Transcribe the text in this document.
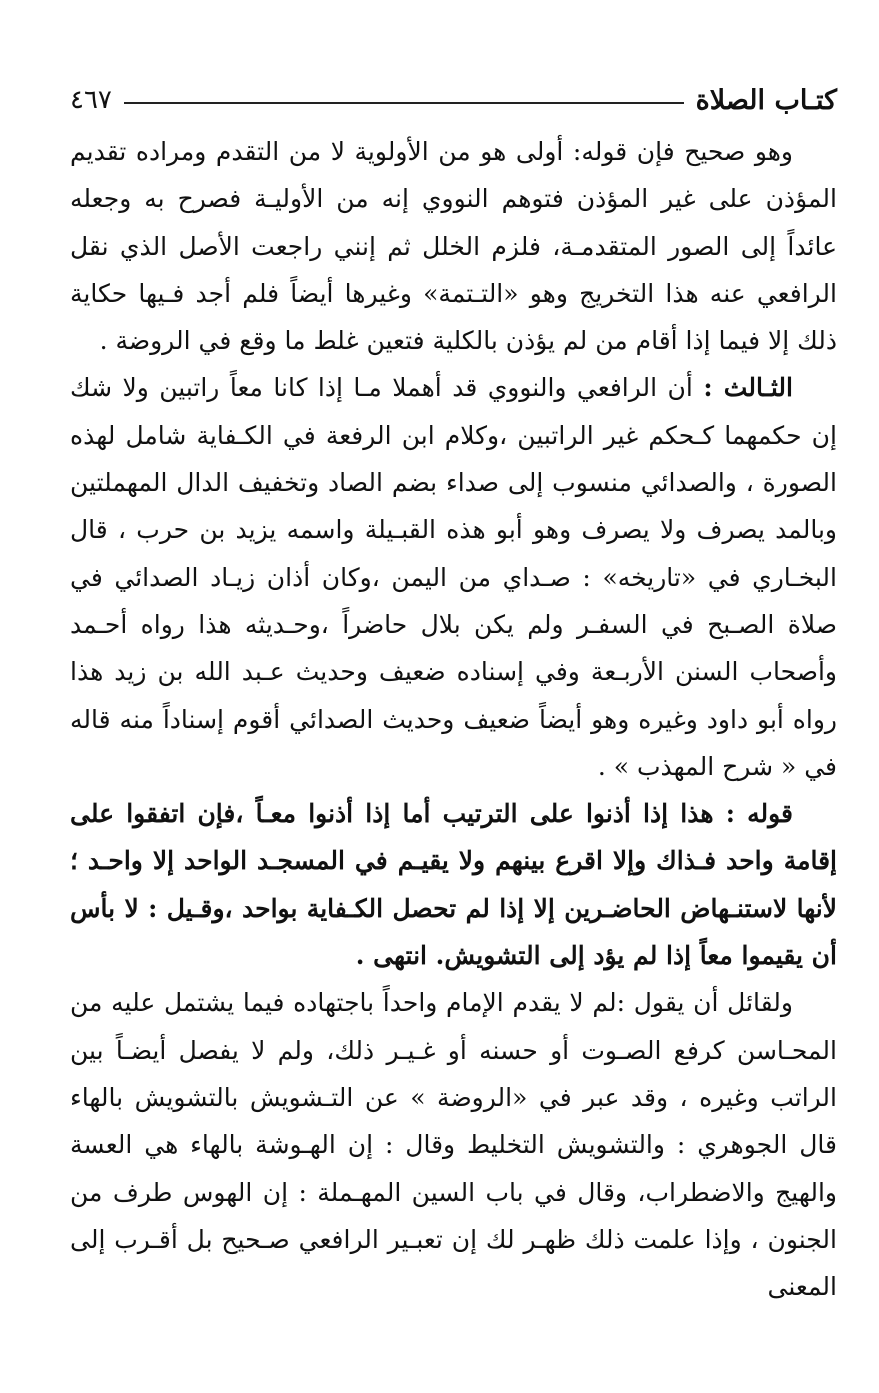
كتـاب الصلاة
٤٦٧

وهو صحيح فإن قوله: أولى هو من الأولوية لا من التقدم ومراده تقديم المؤذن على غير المؤذن فتوهم النووي إنه من الأوليـة فصرح به وجعله عائداً إلى الصور المتقدمـة، فلزم الخلل ثم إنني راجعت الأصل الذي نقل الرافعي عنه هذا التخريج وهو «التـتمة» وغيرها أيضاً فلم أجد فـيها حكاية ذلك إلا فيما إذا أقام من لم يؤذن بالكلية فتعين غلط ما وقع في الروضة .

الثـالث : أن الرافعي والنووي قد أهملا مـا إذا كانا معاً راتبين ولا شك إن حكمهما كـحكم غير الراتبين ،وكلام ابن الرفعة في الكـفاية شامل لهذه الصورة ، والصدائي منسوب إلى صداء بضم الصاد وتخفيف الدال المهملتين وبالمد يصرف ولا يصرف وهو أبو هذه القبـيلة واسمه يزيد بن حرب ، قال البخـاري في «تاريخه» : صـداي من اليمن ،وكان أذان زيـاد الصدائي في صلاة الصـبح في السفـر ولم يكن بلال حاضراً ،وحـديثه هذا رواه أحـمد وأصحاب السنن الأربـعة وفي إسناده ضعيف وحديث عـبد الله بن زيد هذا رواه أبو داود وغيره وهو أيضاً ضعيف وحديث الصدائي أقوم إسناداً منه قاله في « شرح المهذب » .

قوله : هذا إذا أذنوا على الترتيب أما إذا أذنوا معـاً ،فإن اتفقوا على إقامة واحد فـذاك وإلا اقرع بينهم ولا يقيـم في المسجـد الواحد إلا واحـد ؛ لأنها لاستنـهاض الحاضـرين إلا إذا لم تحصل الكـفاية بواحد ،وقـيل : لا بأس أن يقيموا معاً إذا لم يؤد إلى التشويش. انتهى .

ولقائل أن يقول :لم لا يقدم الإمام واحداً باجتهاده فيما يشتمل عليه من المحـاسن كرفع الصـوت أو حسنه أو غـيـر ذلك، ولم لا يفصل أيضـاً بين الراتب وغيره ، وقد عبر في «الروضة » عن التـشويش بالتشويش بالهاء قال الجوهري : والتشويش التخليط وقال : إن الهـوشة بالهاء هي العسة والهيج والاضطراب، وقال في باب السين المهـملة : إن الهوس طرف من الجنون ، وإذا علمت ذلك ظهـر لك إن تعبـير الرافعي صـحيح بل أقـرب إلى المعنى
